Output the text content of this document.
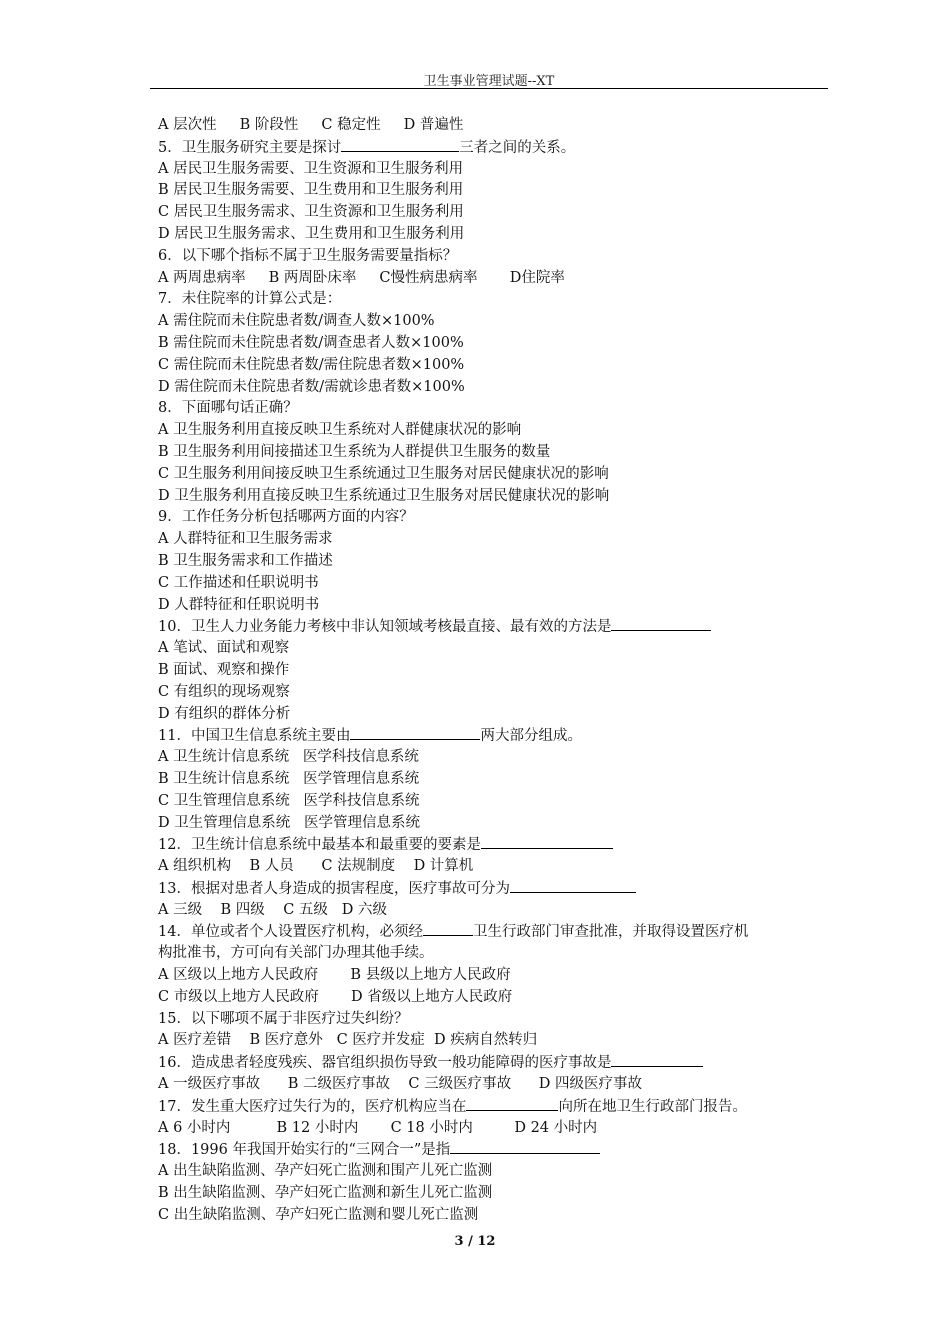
卫生事业管理试题--XT
A 层次性     B 阶段性     C 稳定性     D 普遍性
5．卫生服务研究主要是探讨	三者之间的关系。
A 居民卫生服务需要、卫生资源和卫生服务利用
B 居民卫生服务需要、卫生费用和卫生服务利用
C 居民卫生服务需求、卫生资源和卫生服务利用
D 居民卫生服务需求、卫生费用和卫生服务利用
6．以下哪个指标不属于卫生服务需要量指标？
A 两周患病率     B 两周卧床率     C慢性病患病率       D住院率
7．未住院率的计算公式是：
A 需住院而未住院患者数/调查人数×100%
B 需住院而未住院患者数/调查患者人数×100%
C 需住院而未住院患者数/需住院患者数×100%
D 需住院而未住院患者数/需就诊患者数×100%
8．下面哪句话正确？
A 卫生服务利用直接反映卫生系统对人群健康状况的影响
B 卫生服务利用间接描述卫生系统为人群提供卫生服务的数量
C 卫生服务利用间接反映卫生系统通过卫生服务对居民健康状况的影响
D 卫生服务利用直接反映卫生系统通过卫生服务对居民健康状况的影响
9．工作任务分析包括哪两方面的内容？
A 人群特征和卫生服务需求
B 卫生服务需求和工作描述
C 工作描述和任职说明书
D 人群特征和任职说明书
10．卫生人力业务能力考核中非认知领域考核最直接、最有效的方法是
A 笔试、面试和观察
B 面试、观察和操作
C 有组织的现场观察
D 有组织的群体分析
11．中国卫生信息系统主要由	两大部分组成。
A 卫生统计信息系统   医学科技信息系统
B 卫生统计信息系统   医学管理信息系统
C 卫生管理信息系统   医学科技信息系统
D 卫生管理信息系统   医学管理信息系统
12．卫生统计信息系统中最基本和最重要的要素是
A 组织机构    B 人员      C 法规制度    D 计算机
13．根据对患者人身造成的损害程度，医疗事故可分为
A 三级    B 四级    C 五级   D 六级
14．单位或者个人设置医疗机构，必须经	卫生行政部门审查批准，并取得设置医疗机
构批准书，方可向有关部门办理其他手续。
A 区级以上地方人民政府       B 县级以上地方人民政府
C 市级以上地方人民政府       D 省级以上地方人民政府
15．以下哪项不属于非医疗过失纠纷？
A 医疗差错    B 医疗意外   C 医疗并发症  D 疾病自然转归
16．造成患者轻度残疾、器官组织损伤导致一般功能障碍的医疗事故是
A 一级医疗事故      B 二级医疗事故    C 三级医疗事故      D 四级医疗事故
17．发生重大医疗过失行为的，医疗机构应当在	向所在地卫生行政部门报告。
A 6 小时内          B 12 小时内       C 18 小时内         D 24 小时内
18．1996 年我国开始实行的“三网合一”是指
A 出生缺陷监测、孕产妇死亡监测和围产儿死亡监测
B 出生缺陷监测、孕产妇死亡监测和新生儿死亡监测
C 出生缺陷监测、孕产妇死亡监测和婴儿死亡监测
3 / 12
